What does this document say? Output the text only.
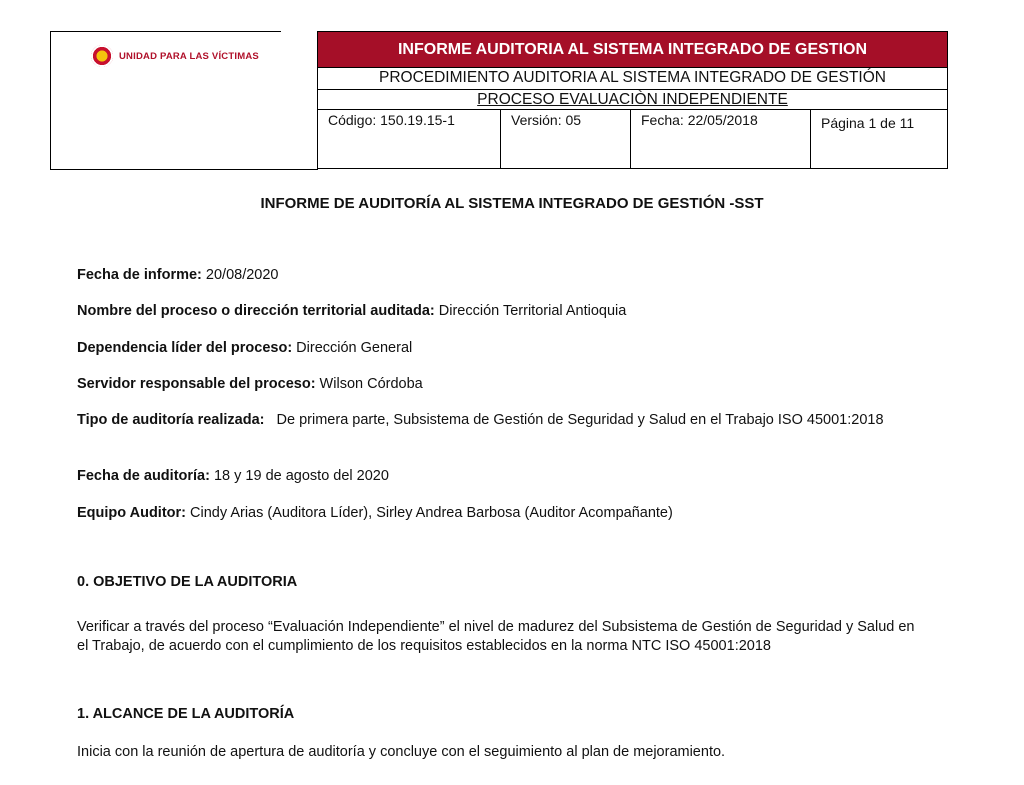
UNIDAD PARA LAS VÍCTIMAS	INFORME AUDITORIA AL SISTEMA INTEGRADO DE GESTION
PROCEDIMIENTO AUDITORIA AL SISTEMA INTEGRADO DE GESTIÓN
PROCESO EVALUACIÒN INDEPENDIENTE
Código: 150.19.15-1	Versión: 05	Fecha: 22/05/2018	Página 1 de 11
INFORME DE AUDITORÍA AL SISTEMA INTEGRADO DE GESTIÓN -SST
Fecha de informe: 20/08/2020
Nombre del proceso o dirección territorial auditada: Dirección Territorial Antioquia
Dependencia líder del proceso: Dirección General
Servidor responsable del proceso: Wilson Córdoba
Tipo de auditoría realizada:   De primera parte, Subsistema de Gestión de Seguridad y Salud en el Trabajo ISO 45001:2018
Fecha de auditoría: 18 y 19 de agosto del 2020
Equipo Auditor: Cindy Arias (Auditora Líder), Sirley Andrea Barbosa (Auditor Acompañante)
0. OBJETIVO DE LA AUDITORIA
Verificar a través del proceso “Evaluación Independiente” el nivel de madurez del Subsistema de Gestión de Seguridad y Salud en el Trabajo, de acuerdo con el cumplimiento de los requisitos establecidos en la norma NTC ISO 45001:2018
1. ALCANCE DE LA AUDITORÍA
Inicia con la reunión de apertura de auditoría y concluye con el seguimiento al plan de mejoramiento.
